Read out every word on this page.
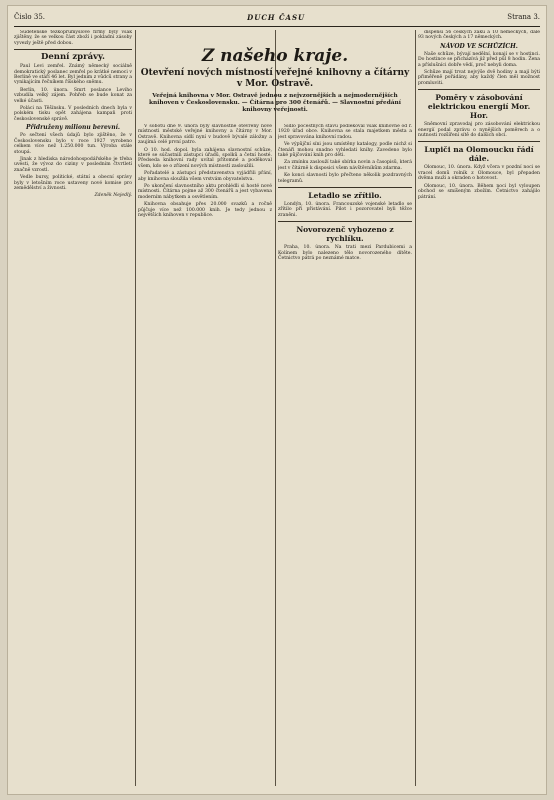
Čislo 35.	DUCH ČASU	Strana 3.

Sudetenské těžkoprůmyslové firmy byly však zjištěny, že se velkou část zboží i pokladní zásoby vyvezly ještě před dobou.

Denní zprávy.

Paul Levi zemřel. Známý německý sociálně demokratický poslanec zemřel po krátké nemoci v Berlíně ve stáří 46 let. Byl jedním z vůdců strany a vynikajícím řečníkem říšského sněmu.

Berlín, 10. února. Smrt poslance Leviho vzbudila velký zájem. Pohřeb se bude konat za velké účasti.

Poláci na Těšínsku. V posledních dnech byla v polském tisku opět zahájena kampaň proti československé správě.

Přidruženy milionu berevní.

Po sečtení všech údajů bylo zjištěno, že v Československu bylo v roce 1927 vyrobeno celkem více než 1.250.000 tun. Výroba stále stoupá.

Jinak z hlediska národohospodářského je třeba uvésti, že vývoz do ciziny v posledním čtvrtletí značně vzrostl.

Vedle bursy, politické, státní a obecní správy byly v letošním roce ustaveny nové komise pro zemědělství a živnosti.

Zdeněk Nejedlý.
Z našeho kraje.
Otevření nových místností veřejné knihovny a čítárny v Mor. Ostravě.
Veřejná knihovna v Mor. Ostravě jednou z nejvzornějších a nejmodernějších knihoven v Československu. — Čítárna pro 300 čtenářů. — Slavnostní předání knihovny veřejnosti.

V sobotu dne 9. února byly slavnostně otevřeny nové místnosti městské veřejné knihovny a čítárny v Mor. Ostravě. Knihovna sídlí nyní v budově bývalé záložny a zaujímá celé první patro.

O 10. hod. dopol. byla zahájena slavnostní schůze, které se súčastnili zástupci úřadů, spolků a četní hosté. Předseda knihovní rady uvítal přítomné a poděkoval všem, kdo se o zřízení nových místností zasloužili.

Pořadatelé a zástupci představenstva vyjádřili přání, aby knihovna sloužila všem vrstvám obyvatelstva.

Po ukončení slavnostního aktu prohlédli si hosté nové místnosti. Čítárna pojme až 300 čtenářů a jest vybavena moderním nábytkem a osvětlením.

Knihovna obsahuje přes 20.000 svazků a ročně půjčuje více než 100.000 knih. Je tedy jednou z největších knihoven v republice.

Sídlo počestných stavů podlékoval však knihovně od r. 1920 úřad obce. Knihovna se stala majetkem města a jest spravována knihovní radou.

Ve výpůjční síni jsou umístěny katalogy, podle nichž si čtenáři mohou snadno vyhledati knihy. Zavedeno bylo také půjčování knih pro děti.

Za zmínku zaslouží také sbírka novin a časopisů, která jest v čítárně k disposici všem návštěvníkům zdarma.

Ke konci slavnosti bylo přečteno několik pozdravných telegramů.

Letadlo se zřítilo.

Londýn, 10. února. Francouzské vojenské letadlo se zřítilo při přistávání. Pilot i pozorovatel byli těžce zraněni.

Novorozenč vyhozeno z rychlíku.

Praha, 10. února. Na trati mezi Pardubicemi a Kolínem bylo nalezeno tělo novorozeného dítěte. Četnictvo pátrá po neznámé matce.

dispensi 56 českých žáků a 10 německých, dále 93 nových českých a 17 německých.

NÁVOD VE SCHŮZÍCH.

Naše schůze, bývají nedělní, konají se v hostinci. Do hostince se přicházívá již před půl 8 hodin. Žena a příslušníci dobře vědí, proč nebyli doma.

Schůze mají trvat nejvýše dvě hodiny a mají býti přiměřeně pořádány, aby každý člen měl možnost promluviti.

Poměry v zásobování elektrickou energií Mor. Hor.

Sněmovní zpravodaj pro zásobování elektrickou energií podal zprávu o nynějších poměrech a o nutnosti rozšíření sítě do dalších obcí.

Lupiči na Olomoucku řádí dále.

Olomouc, 10. února. Když včera v pozdní noci se vracel domů rolník z Olomouce, byl přepaden dvěma muži a okraden o hotovost.

Olomouc, 10. února. Během noci byl vyloupen obchod se smíšeným zbožím. Četnictvo zahájilo pátrání.
